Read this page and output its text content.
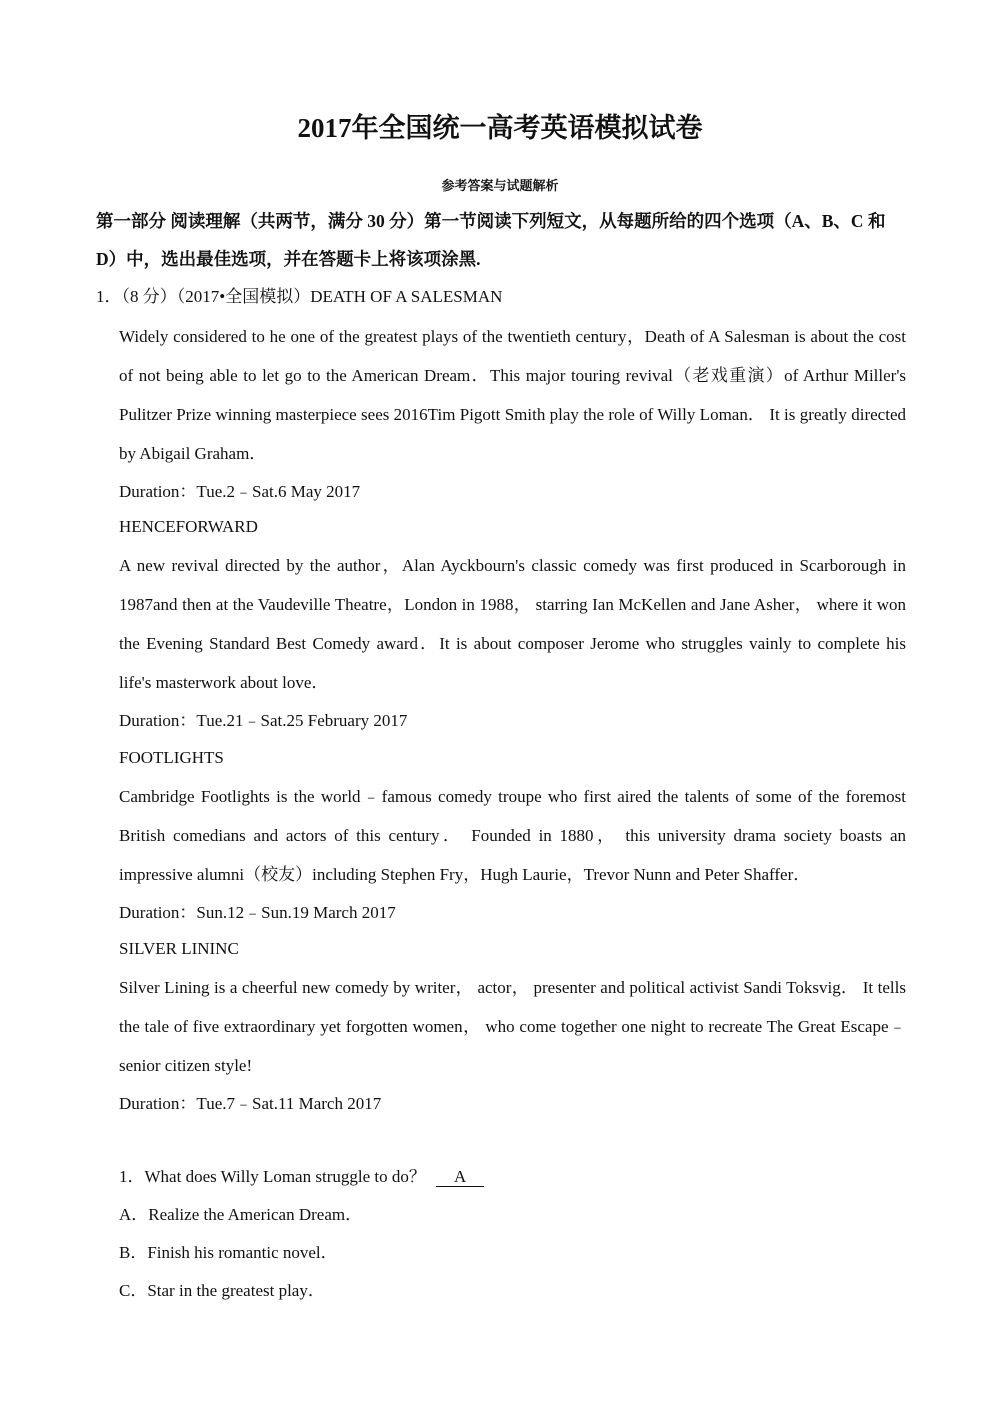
2017年全国统一高考英语模拟试卷
参考答案与试题解析
第一部分 阅读理解（共两节，满分 30 分）第一节阅读下列短文，从每题所给的四个选项（A、B、C 和
D）中，选出最佳选项，并在答题卡上将该项涂黑.
1．（8 分）（2017•全国模拟）DEATH OF A SALESMAN
Widely considered to he one of the greatest plays of the twentieth century，Death of A Salesman is about the cost of not being able to let go to the American Dream．This major touring revival（老戏重演）of Arthur Miller's Pulitzer Prize winning masterpiece sees 2016Tim Pigott Smith play the role of Willy Loman． It is greatly directed by Abigail Graham．
Duration：Tue.2﹣Sat.6 May 2017
HENCEFORWARD
A new revival directed by the author，Alan Ayckbourn's classic comedy was first produced in Scarborough in 1987and then at the Vaudeville Theatre，London in 1988， starring Ian McKellen and Jane Asher， where it won the Evening Standard Best Comedy award．It is about composer Jerome who struggles vainly to complete his life's masterwork about love．
Duration：Tue.21﹣Sat.25 February 2017
FOOTLIGHTS
Cambridge Footlights is the world﹣famous comedy troupe who first aired the talents of some of the foremost British comedians and actors of this century． Founded in 1880， this university drama society boasts an impressive alumni（校友）including Stephen Fry，Hugh Laurie，Trevor Nunn and Peter Shaffer．
Duration：Sun.12﹣Sun.19 March 2017
SILVER LININC
Silver Lining is a cheerful new comedy by writer， actor， presenter and political activist Sandi Toksvig． It tells the tale of five extraordinary yet forgotten women， who come together one night to recreate The Great Escape﹣senior citizen style!
Duration：Tue.7﹣Sat.11 March 2017
1．What does Willy Loman struggle to do？ A
A．Realize the American Dream．
B．Finish his romantic novel．
C．Star in the greatest play．
